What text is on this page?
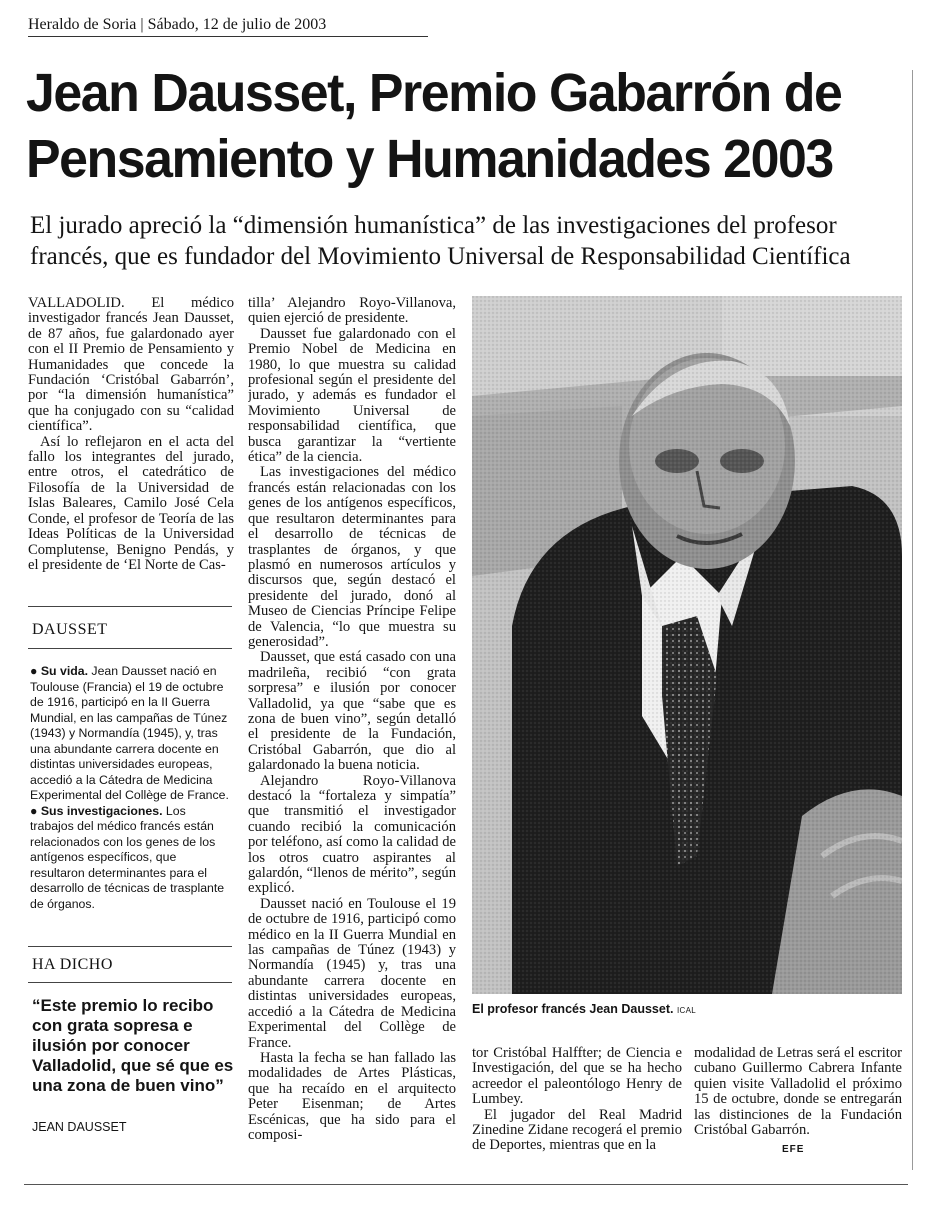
Heraldo de Soria | Sábado, 12 de julio de 2003
Jean Dausset, Premio Gabarrón de Pensamiento y Humanidades 2003
El jurado apreció la “dimensión humanística” de las investigaciones del profesor francés, que es fundador del Movimiento Universal de Responsabilidad Científica

VALLADOLID. El médico investigador francés Jean Dausset, de 87 años, fue galardonado ayer con el II Premio de Pensamiento y Humanidades que concede la Fundación ‘Cristóbal Gabarrón’, por “la dimensión humanística” que ha conjugado con su “calidad científica”.

Así lo reflejaron en el acta del fallo los integrantes del jurado, entre otros, el catedrático de Filosofía de la Universidad de Islas Baleares, Camilo José Cela Conde, el profesor de Teoría de las Ideas Políticas de la Universidad Complutense, Benigno Pendás, y el presidente de ‘El Norte de Cas-

DAUSSET

● Su vida. Jean Dausset nació en Toulouse (Francia) el 19 de octubre de 1916, participó en la II Guerra Mundial, en las campañas de Túnez (1943) y Normandía (1945), y, tras una abundante carrera docente en distintas universidades europeas, accedió a la Cátedra de Medicina Experimental del Collège de France.

● Sus investigaciones. Los trabajos del médico francés están relacionados con los genes de los antígenos específicos, que resultaron determinantes para el desarrollo de técnicas de trasplante de órganos.

HA DICHO
“Este premio lo recibo con grata sopresa e ilusión por conocer Valladolid, que sé que es una zona de buen vino”
JEAN DAUSSET

tilla’ Alejandro Royo-Villanova, quien ejerció de presidente.

Dausset fue galardonado con el Premio Nobel de Medicina en 1980, lo que muestra su calidad profesional según el presidente del jurado, y además es fundador el Movimiento Universal de responsabilidad científica, que busca garantizar la “vertiente ética” de la ciencia.

Las investigaciones del médico francés están relacionadas con los genes de los antígenos específicos, que resultaron determinantes para el desarrollo de técnicas de trasplantes de órganos, y que plasmó en numerosos artículos y discursos que, según destacó el presidente del jurado, donó al Museo de Ciencias Príncipe Felipe de Valencia, “lo que muestra su generosidad”.

Dausset, que está casado con una madrileña, recibió “con grata sorpresa” e ilusión por conocer Valladolid, ya que “sabe que es zona de buen vino”, según detalló el presidente de la Fundación, Cristóbal Gabarrón, que dio al galardonado la buena noticia.

Alejandro Royo-Villanova destacó la “fortaleza y simpatía” que transmitió el investigador cuando recibió la comunicación por teléfono, así como la calidad de los otros cuatro aspirantes al galardón, “llenos de mérito”, según explicó.

Dausset nació en Toulouse el 19 de octubre de 1916, participó como médico en la II Guerra Mundial en las campañas de Túnez (1943) y Normandía (1945) y, tras una abundante carrera docente en distintas universidades europeas, accedió a la Cátedra de Medicina Experimental del Collège de France.

Hasta la fecha se han fallado las modalidades de Artes Plásticas, que ha recaído en el arquitecto Peter Eisenman; de Artes Escénicas, que ha sido para el composi-

El profesor francés Jean Dausset. ICAL

tor Cristóbal Halffter; de Ciencia e Investigación, del que se ha hecho acreedor el paleontólogo Henry de Lumbey.

El jugador del Real Madrid Zinedine Zidane recogerá el premio de Deportes, mientras que en la

modalidad de Letras será el escritor cubano Guillermo Cabrera Infante quien visite Valladolid el próximo 15 de octubre, donde se entregarán las distinciones de la Fundación Cristóbal Gabarrón.

EFE
